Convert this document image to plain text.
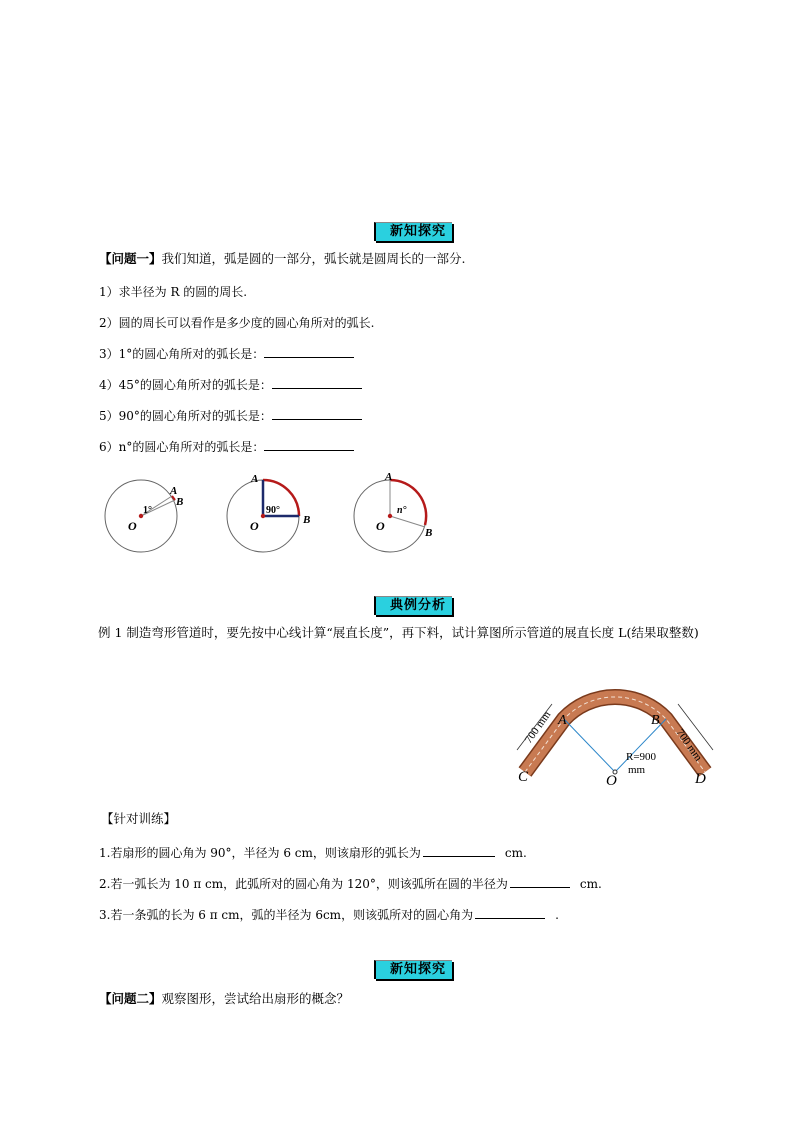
新知探究
【问题一】我们知道，弧是圆的一部分，弧长就是圆周长的一部分.
1）求半径为 R 的圆的周长.
2）圆的周长可以看作是多少度的圆心角所对的弧长.
3）1°的圆心角所对的弧长是：
4）45°的圆心角所对的弧长是：
5）90°的圆心角所对的弧长是：
6）n°的圆心角所对的弧长是：
O
A
B
1°
O
A
B
90°
O
A
B
n°
典例分析
例 1 制造弯形管道时，要先按中心线计算“展直长度”，再下料，试计算图所示管道的展直长度 L(结果取整数)
A	B
C	D
O
R=900
mm
700 mm	700 mm
【针对训练】
1.若扇形的圆心角为 90°，半径为 6 cm，则该扇形的弧长为	cm.
2.若一弧长为 10 π cm，此弧所对的圆心角为 120°，则该弧所在圆的半径为	cm.
3.若一条弧的长为 6 π cm，弧的半径为 6cm，则该弧所对的圆心角为	.
新知探究
【问题二】观察图形，尝试给出扇形的概念？
